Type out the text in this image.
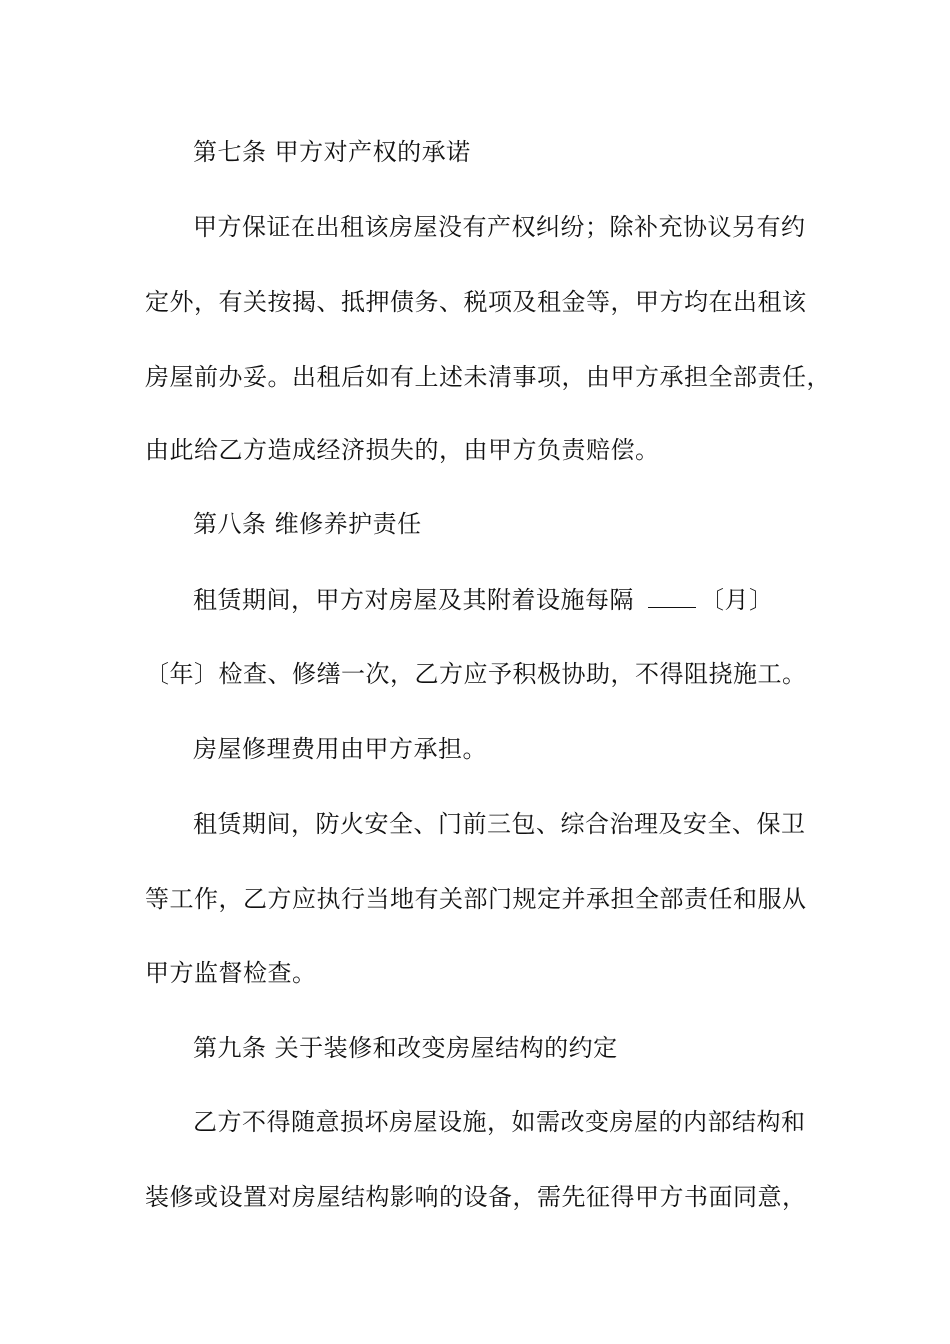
第七条 甲方对产权的承诺
甲方保证在出租该房屋没有产权纠纷；除补充协议另有约
定外，有关按揭、抵押债务、税项及租金等，甲方均在出租该
房屋前办妥。出租后如有上述未清事项，由甲方承担全部责任，
由此给乙方造成经济损失的，由甲方负责赔偿。
第八条 维修养护责任
租赁期间，甲方对房屋及其附着设施每隔	〔月〕
〔年〕检查、修缮一次，乙方应予积极协助，不得阻挠施工。
房屋修理费用由甲方承担。
租赁期间，防火安全、门前三包、综合治理及安全、保卫
等工作，乙方应执行当地有关部门规定并承担全部责任和服从
甲方监督检查。
第九条 关于装修和改变房屋结构的约定
乙方不得随意损坏房屋设施，如需改变房屋的内部结构和
装修或设置对房屋结构影响的设备，需先征得甲方书面同意，
